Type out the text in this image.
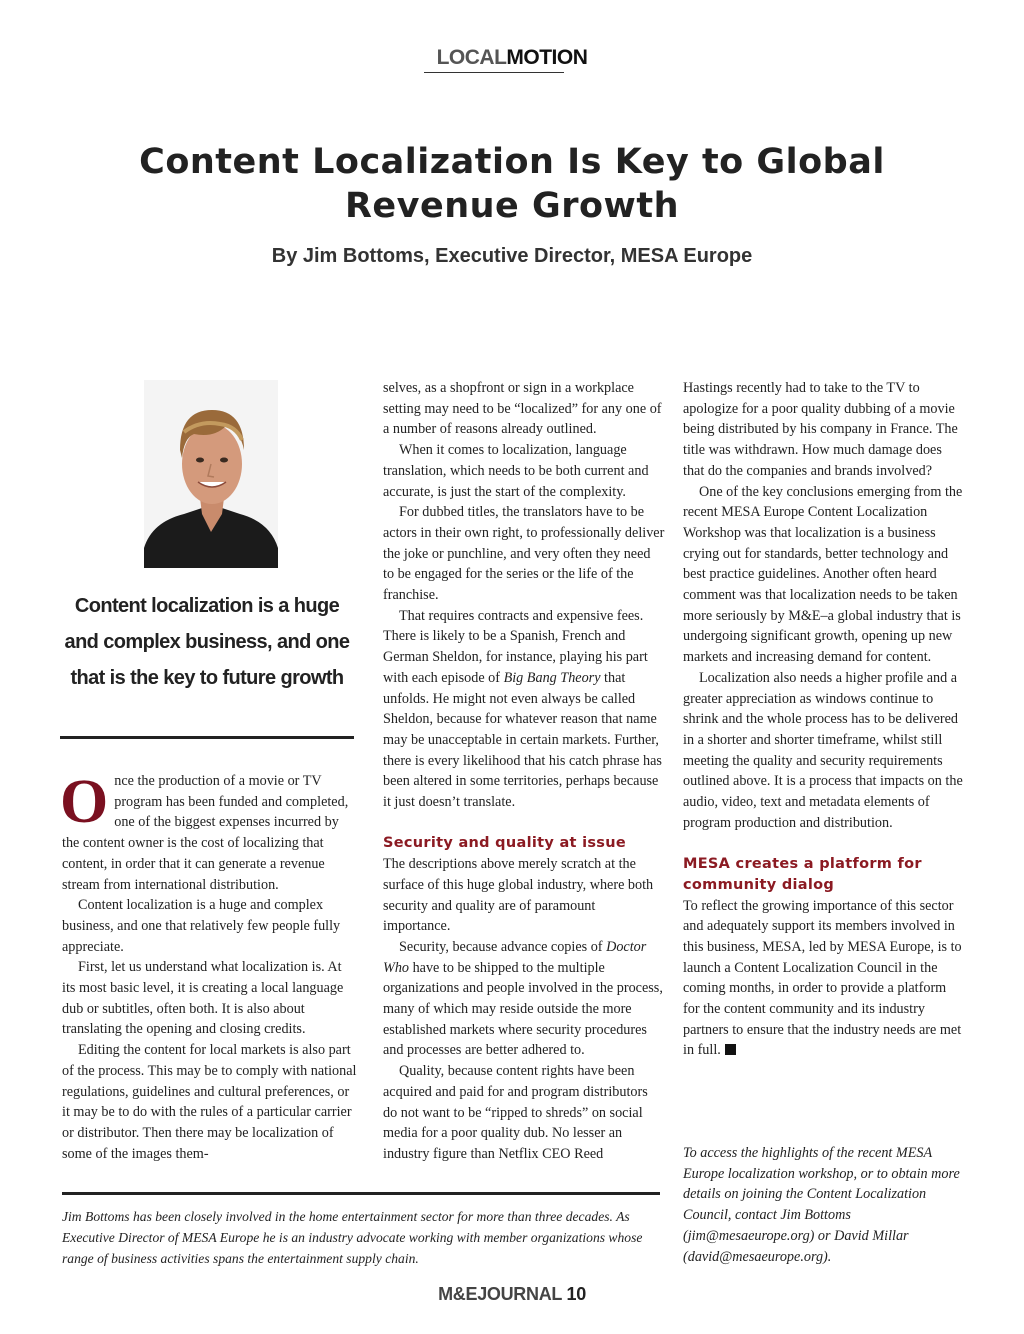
LOCALMOTION
Content Localization Is Key to Global Revenue Growth
By Jim Bottoms, Executive Director, MESA Europe
Content localization is a huge and complex business, and one that is the key to future growth

Once the production of a movie or TV program has been funded and completed, one of the biggest expenses incurred by the content owner is the cost of localizing that content, in order that it can generate a revenue stream from international distribution.

Content localization is a huge and complex business, and one that relatively few people fully appreciate.

First, let us understand what localization is. At its most basic level, it is creating a local language dub or subtitles, often both. It is also about translating the opening and closing credits.

Editing the content for local markets is also part of the process. This may be to comply with national regulations, guidelines and cultural preferences, or it may be to do with the rules of a particular carrier or distributor. Then there may be localization of some of the images them-

selves, as a shopfront or sign in a workplace setting may need to be “localized” for any one of a number of reasons already outlined.

When it comes to localization, language translation, which needs to be both current and accurate, is just the start of the complexity.

For dubbed titles, the translators have to be actors in their own right, to professionally deliver the joke or punchline, and very often they need to be engaged for the series or the life of the franchise.

That requires contracts and expensive fees. There is likely to be a Spanish, French and German Sheldon, for instance, playing his part with each episode of Big Bang Theory that unfolds. He might not even always be called Sheldon, because for whatever reason that name may be unacceptable in certain markets. Further, there is every likelihood that his catch phrase has been altered in some territories, perhaps because it just doesn’t translate.

Security and quality at issue

The descriptions above merely scratch at the surface of this huge global industry, where both security and quality are of paramount importance.

Security, because advance copies of Doctor Who have to be shipped to the multiple organizations and people involved in the process, many of which may reside outside the more established markets where security procedures and processes are better adhered to.

Quality, because content rights have been acquired and paid for and program distributors do not want to be “ripped to shreds” on social media for a poor quality dub. No lesser an industry figure than Netflix CEO Reed

Hastings recently had to take to the TV to apologize for a poor quality dubbing of a movie being distributed by his company in France. The title was withdrawn. How much damage does that do the companies and brands involved?

One of the key conclusions emerging from the recent MESA Europe Content Localization Workshop was that localization is a business crying out for standards, better technology and best practice guidelines. Another often heard comment was that localization needs to be taken more seriously by M&E–a global industry that is undergoing significant growth, opening up new markets and increasing demand for content.

Localization also needs a higher profile and a greater appreciation as windows continue to shrink and the whole process has to be delivered in a shorter and shorter timeframe, whilst still meeting the quality and security requirements outlined above. It is a process that impacts on the audio, video, text and metadata elements of program production and distribution.

MESA creates a platform for community dialog

To reflect the growing importance of this sector and adequately support its members involved in this business, MESA, led by MESA Europe, is to launch a Content Localization Council in the coming months, in order to provide a platform for the content community and its industry partners to ensure that the industry needs are met in full.

To access the highlights of the recent MESA Europe localization workshop, or to obtain more details on joining the Content Localization Council, contact Jim Bottoms (jim@mesaeurope.org) or David Millar (david@mesaeurope.org).
Jim Bottoms has been closely involved in the home entertainment sector for more than three decades. As Executive Director of MESA Europe he is an industry advocate working with member organizations whose range of business activities spans the entertainment supply chain.
M&EJOURNAL 10
